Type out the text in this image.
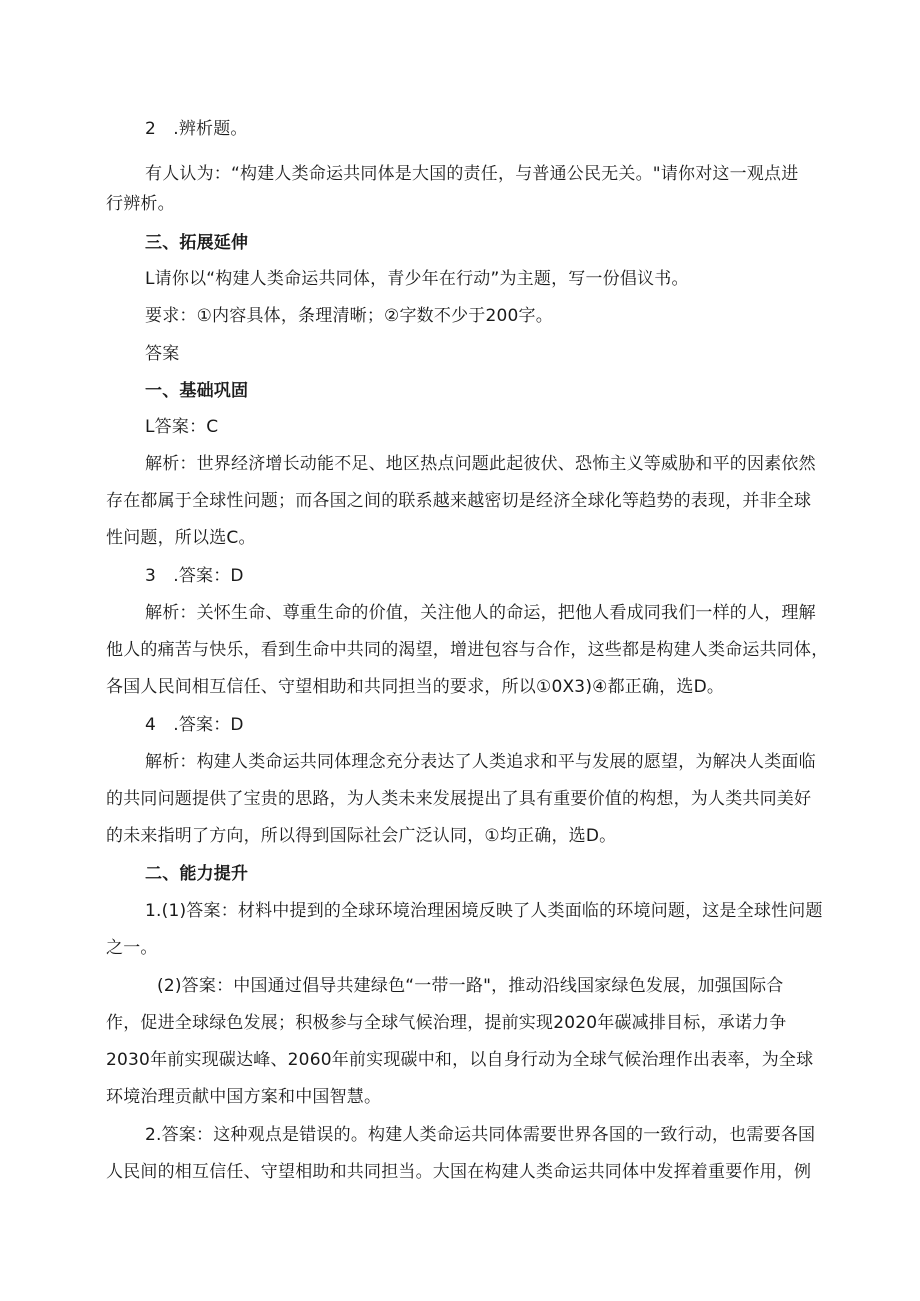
2　.辨析题。
有人认为：“构建人类命运共同体是大国的责任，与普通公民无关。"请你对这一观点进
行辨析。
三、拓展延伸
L请你以“构建人类命运共同体，青少年在行动”为主题，写一份倡议书。
要求：①内容具体，条理清晰；②字数不少于200字。
答案
一、基础巩固
L答案：C
解析：世界经济增长动能不足、地区热点问题此起彼伏、恐怖主义等威胁和平的因素依然
存在都属于全球性问题；而各国之间的联系越来越密切是经济全球化等趋势的表现，并非全球
性问题，所以选C。
3　.答案：D
解析：关怀生命、尊重生命的价值，关注他人的命运，把他人看成同我们一样的人，理解
他人的痛苦与快乐，看到生命中共同的渴望，增进包容与合作，这些都是构建人类命运共同体，
各国人民间相互信任、守望相助和共同担当的要求，所以①0X3)④都正确，选D。
4　.答案：D
解析：构建人类命运共同体理念充分表达了人类追求和平与发展的愿望，为解决人类面临
的共同问题提供了宝贵的思路，为人类未来发展提出了具有重要价值的构想，为人类共同美好
的未来指明了方向，所以得到国际社会广泛认同，①均正确，选D。
二、能力提升
1.(1)答案：材料中提到的全球环境治理困境反映了人类面临的环境问题，这是全球性问题
之一。
(2)答案：中国通过倡导共建绿色“一带一路"，推动沿线国家绿色发展，加强国际合
作，促进全球绿色发展；积极参与全球气候治理，提前实现2020年碳减排目标，承诺力争
2030年前实现碳达峰、2060年前实现碳中和，以自身行动为全球气候治理作出表率，为全球
环境治理贡献中国方案和中国智慧。
2.答案：这种观点是错误的。构建人类命运共同体需要世界各国的一致行动，也需要各国
人民间的相互信任、守望相助和共同担当。大国在构建人类命运共同体中发挥着重要作用，例
